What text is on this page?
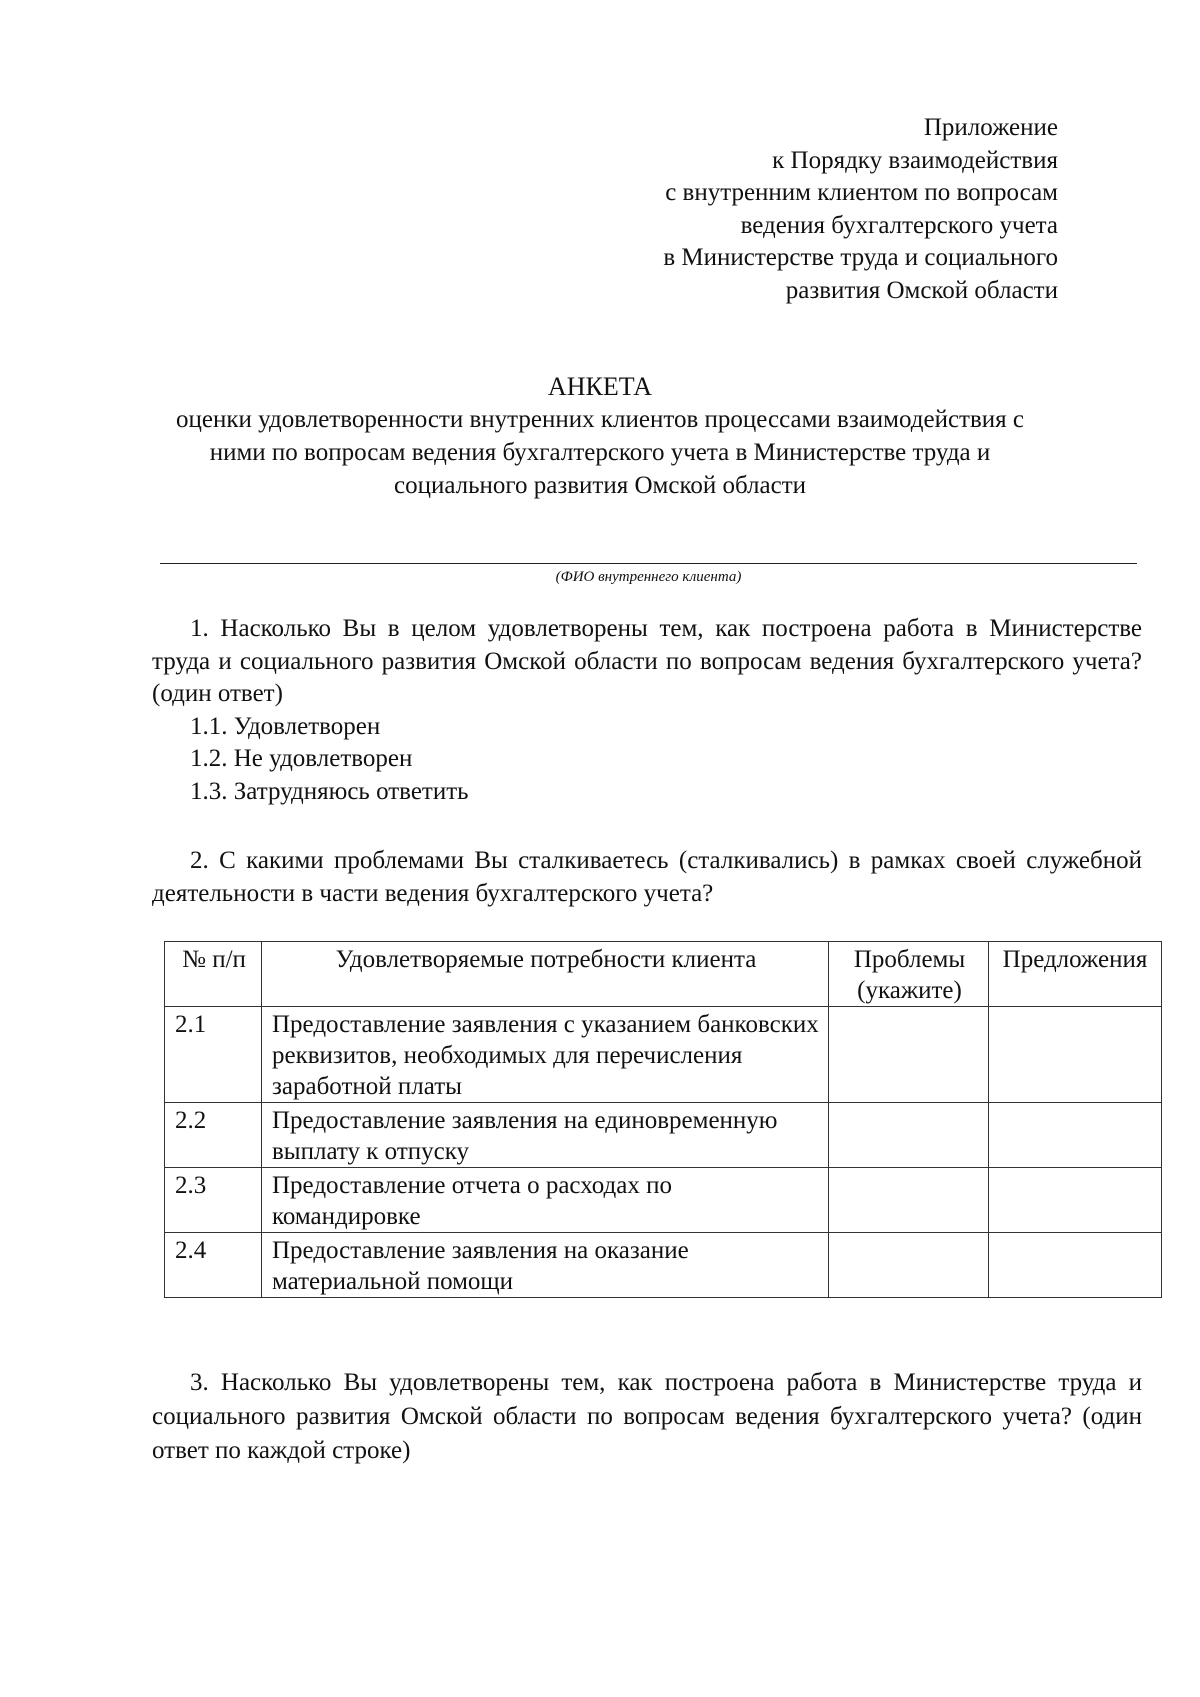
Приложение
к Порядку взаимодействия
с внутренним клиентом по вопросам
ведения бухгалтерского учета
в Министерстве труда и социального
развития Омской области
АНКЕТА
оценки удовлетворенности внутренних клиентов процессами взаимодействия с
ними по вопросам ведения бухгалтерского учета в Министерстве труда и
социального развития Омской области
(ФИО внутреннего клиента)

1. Насколько Вы в целом удовлетворены тем, как построена работа в Министерстве труда и социального развития Омской области по вопросам ведения бухгалтерского учета? (один ответ)

1.1. Удовлетворен

1.2. Не удовлетворен

1.3. Затрудняюсь ответить

2. С какими проблемами Вы сталкиваетесь (сталкивались) в рамках своей служебной деятельности в части ведения бухгалтерского учета?

№ п/п	Удовлетворяемые потребности клиента	Проблемы (укажите)	Предложения
2.1	Предоставление заявления с указанием банковских реквизитов, необходимых для перечисления заработной платы		
2.2	Предоставление заявления на единовременную выплату к отпуску		
2.3	Предоставление отчета о расходах по командировке		
2.4	Предоставление заявления на оказание материальной помощи		

3. Насколько Вы удовлетворены тем, как построена работа в Министерстве труда и социального развития Омской области по вопросам ведения бухгалтерского учета? (один ответ по каждой строке)
